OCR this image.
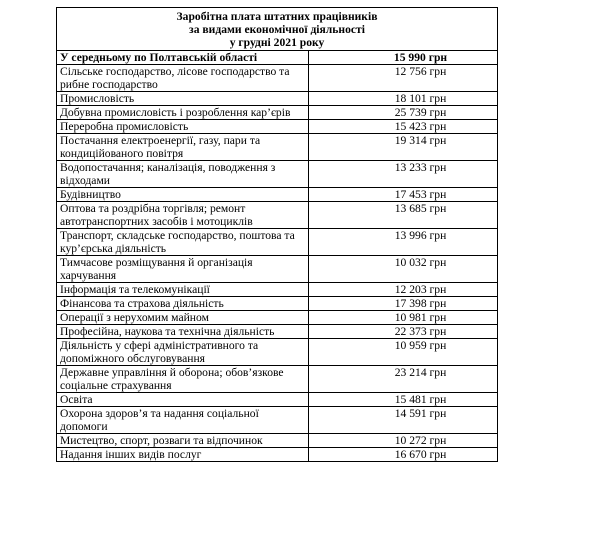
Заробітна плата штатних працівників
за видами економічної діяльності
у грудні 2021 року	

У середньому по Полтавській області	15 990 грн
Сільське господарство, лісове господарство та рибне господарство	12 756 грн
Промисловість	18 101 грн
Добувна промисловість і розроблення кар’єрів	25 739 грн
Переробна промисловість	15 423 грн
Постачання електроенергії, газу, пари та кондиційованого повітря	19 314 грн
Водопостачання; каналізація, поводження з відходами	13 233 грн
Будівництво	17 453 грн
Оптова та роздрібна торгівля; ремонт автотранспортних засобів і мотоциклів	13 685 грн
Транспорт, складське господарство, поштова та кур’єрська діяльність	13 996 грн
Тимчасове розміщування й організація харчування	10 032 грн
Інформація та телекомунікації	12 203 грн
Фінансова та страхова діяльність	17 398 грн
Операції з нерухомим майном	10 981 грн
Професійна, наукова та технічна діяльність	22 373 грн
Діяльність у сфері адміністративного та допоміжного обслуговування	10 959 грн
Державне управління й оборона; обов’язкове соціальне страхування	23 214 грн
Освіта	15 481 грн
Охорона здоров’я та надання соціальної допомоги	14 591 грн
Мистецтво, спорт, розваги та відпочинок	10 272 грн
Надання інших видів послуг	16 670 грн
